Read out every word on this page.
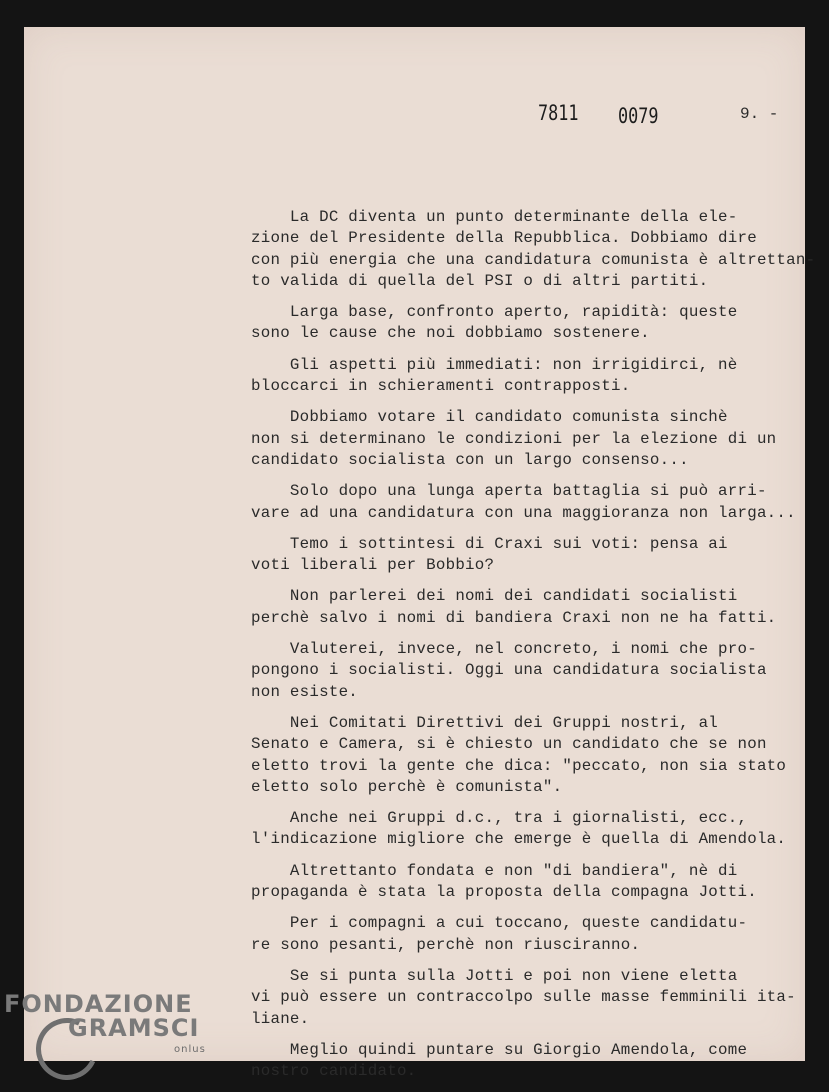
7811 0079	9. -
La DC diventa un punto determinante della ele-
zione del Presidente della Repubblica. Dobbiamo dire
con più energia che una candidatura comunista è altrettan-
to valida di quella del PSI o di altri partiti.
Larga base, confronto aperto, rapidità: queste
sono le cause che noi dobbiamo sostenere.
Gli aspetti più immediati: non irrigidirci, nè
bloccarci in schieramenti contrapposti.
Dobbiamo votare il candidato comunista sinchè
non si determinano le condizioni per la elezione di un
candidato socialista con un largo consenso...
Solo dopo una lunga aperta battaglia si può arri-
vare ad una candidatura con una maggioranza non larga...
Temo i sottintesi di Craxi sui voti: pensa ai
voti liberali per Bobbio?
Non parlerei dei nomi dei candidati socialisti
perchè salvo i nomi di bandiera Craxi non ne ha fatti.
Valuterei, invece, nel concreto, i nomi che pro-
pongono i socialisti. Oggi una candidatura socialista
non esiste.
Nei Comitati Direttivi dei Gruppi nostri, al
Senato e Camera, si è chiesto un candidato che se non
eletto trovi la gente che dica: "peccato, non sia stato
eletto solo perchè è comunista".
Anche nei Gruppi d.c., tra i giornalisti, ecc.,
l'indicazione migliore che emerge è quella di Amendola.
Altrettanto fondata e non "di bandiera", nè di
propaganda è stata la proposta della compagna Jotti.
Per i compagni a cui toccano, queste candidatu-
re sono pesanti, perchè non riusciranno.
Se si punta sulla Jotti e poi non viene eletta
vi può essere un contraccolpo sulle masse femminili ita-
liane.
Meglio quindi puntare su Giorgio Amendola, come
nostro candidato.
FONDAZIONE
GRAMSCI
onlus
